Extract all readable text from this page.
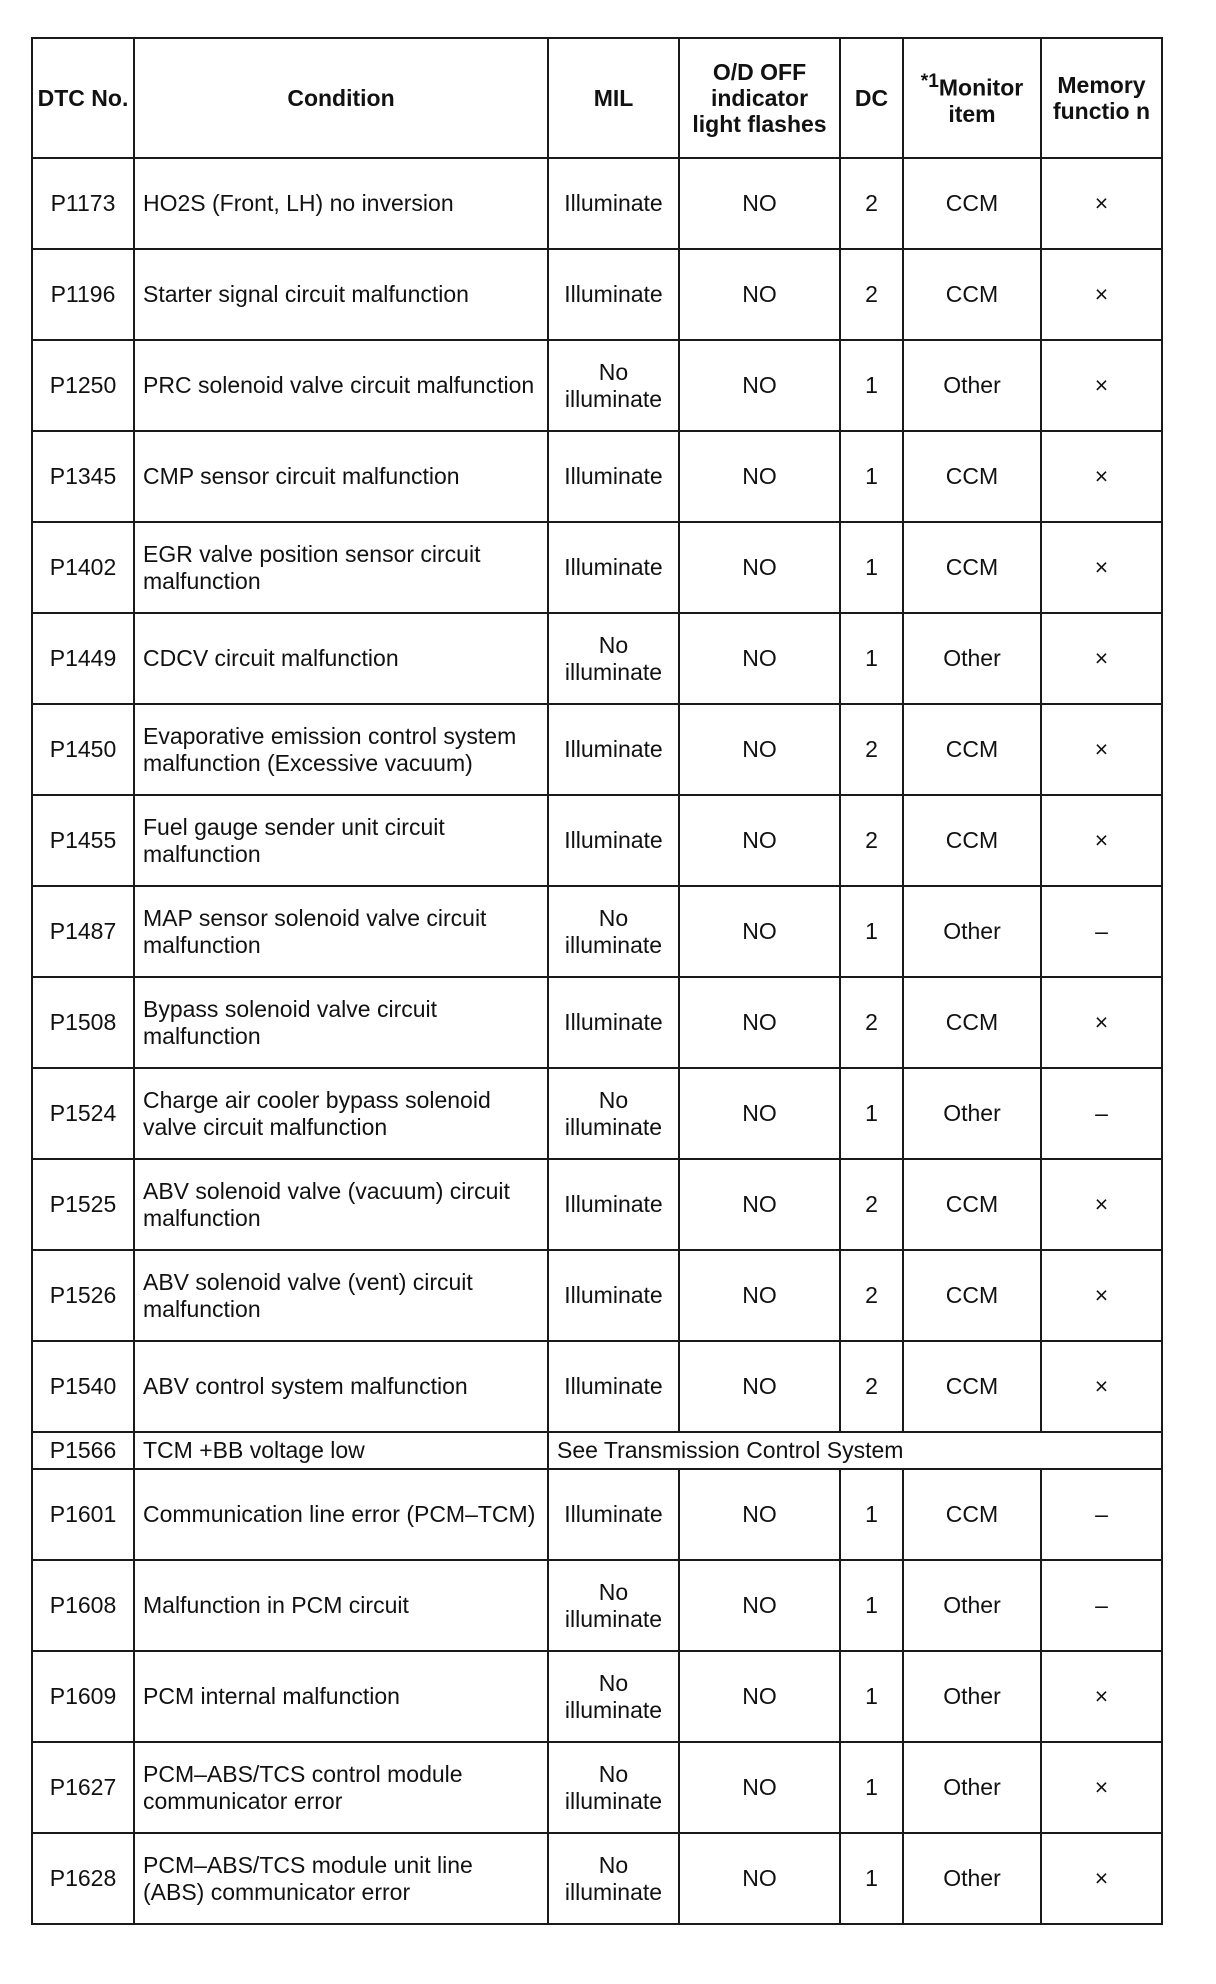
DTC No.	Condition	MIL	O/D OFF indicator light flashes	DC	$^{*1}$Monitor item	Memory functio n
P1173	HO2S (Front, LH) no inversion	Illuminate	NO	2	CCM	×
P1196	Starter signal circuit malfunction	Illuminate	NO	2	CCM	×
P1250	PRC solenoid valve circuit malfunction	No illuminate	NO	1	Other	×
P1345	CMP sensor circuit malfunction	Illuminate	NO	1	CCM	×
P1402	EGR valve position sensor circuit malfunction	Illuminate	NO	1	CCM	×
P1449	CDCV circuit malfunction	No illuminate	NO	1	Other	×
P1450	Evaporative emission control system malfunction (Excessive vacuum)	Illuminate	NO	2	CCM	×
P1455	Fuel gauge sender unit circuit malfunction	Illuminate	NO	2	CCM	×
P1487	MAP sensor solenoid valve circuit malfunction	No illuminate	NO	1	Other	–
P1508	Bypass solenoid valve circuit malfunction	Illuminate	NO	2	CCM	×
P1524	Charge air cooler bypass solenoid valve circuit malfunction	No illuminate	NO	1	Other	–
P1525	ABV solenoid valve (vacuum) circuit malfunction	Illuminate	NO	2	CCM	×
P1526	ABV solenoid valve (vent) circuit malfunction	Illuminate	NO	2	CCM	×
P1540	ABV control system malfunction	Illuminate	NO	2	CCM	×
P1566	TCM +BB voltage low	See Transmission Control System				
P1601	Communication line error (PCM–TCM)	Illuminate	NO	1	CCM	–
P1608	Malfunction in PCM circuit	No illuminate	NO	1	Other	–
P1609	PCM internal malfunction	No illuminate	NO	1	Other	×
P1627	PCM–ABS/TCS control module communicator error	No illuminate	NO	1	Other	×
P1628	PCM–ABS/TCS module unit line (ABS) communicator error	No illuminate	NO	1	Other	×
